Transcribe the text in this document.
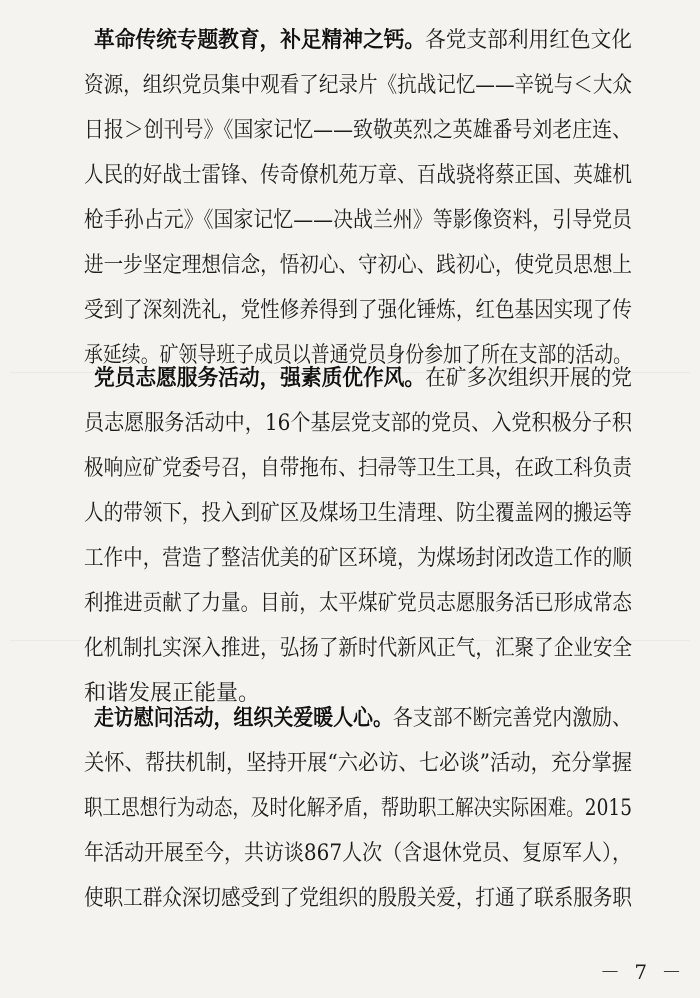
革命传统专题教育，补足精神之钙。各党支部利用红色文化
资源，组织党员集中观看了纪录片《抗战记忆——辛锐与＜大众
日报＞创刊号》《国家记忆——致敬英烈之英雄番号刘老庄连、
人民的好战士雷锋、传奇僚机苑万章、百战骁将蔡正国、英雄机
枪手孙占元》《国家记忆——决战兰州》等影像资料，引导党员
进一步坚定理想信念，悟初心、守初心、践初心，使党员思想上
受到了深刻洗礼，党性修养得到了强化锤炼，红色基因实现了传
承延续。矿领导班子成员以普通党员身份参加了所在支部的活动。
党员志愿服务活动，强素质优作风。在矿多次组织开展的党
员志愿服务活动中，16个基层党支部的党员、入党积极分子积
极响应矿党委号召，自带拖布、扫帚等卫生工具，在政工科负责
人的带领下，投入到矿区及煤场卫生清理、防尘覆盖网的搬运等
工作中，营造了整洁优美的矿区环境，为煤场封闭改造工作的顺
利推进贡献了力量。目前，太平煤矿党员志愿服务活已形成常态
化机制扎实深入推进，弘扬了新时代新风正气，汇聚了企业安全
和谐发展正能量。
走访慰问活动，组织关爱暖人心。各支部不断完善党内激励、
关怀、帮扶机制，坚持开展“六必访、七必谈”活动，充分掌握
职工思想行为动态，及时化解矛盾，帮助职工解决实际困难。2015
年活动开展至今，共访谈867人次（含退休党员、复原军人），
使职工群众深切感受到了党组织的殷殷关爱，打通了联系服务职
－ 7 －
